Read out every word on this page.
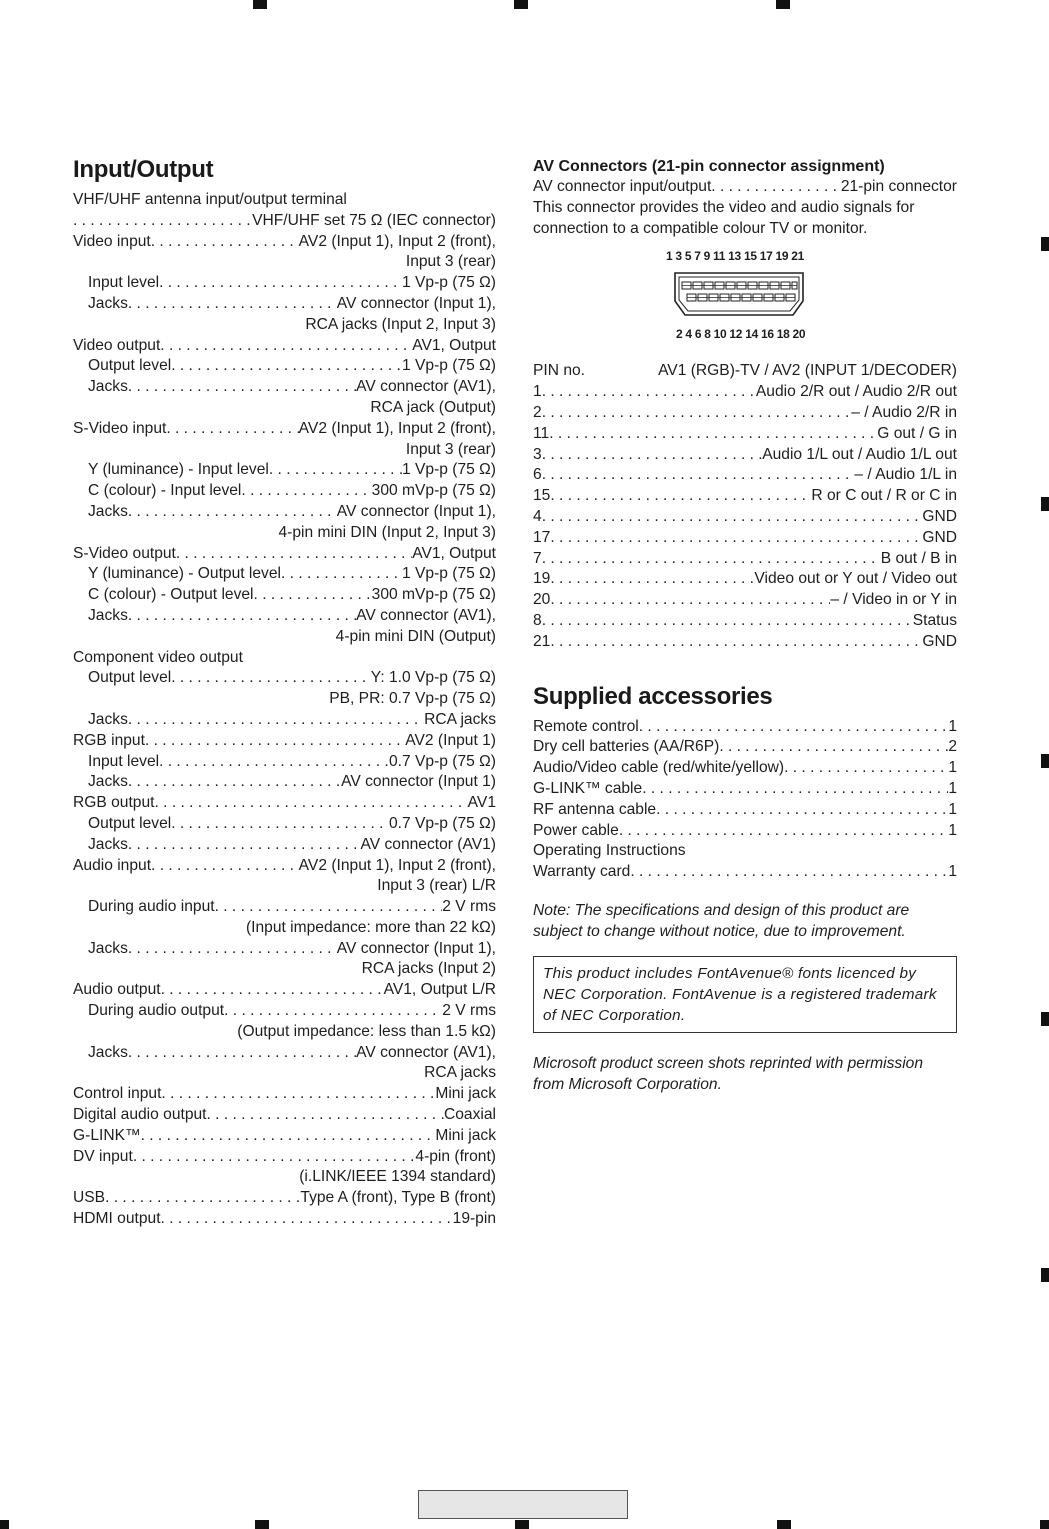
Input/Output
VHF/UHF antenna input/output terminal
. . .
VHF/UHF set 75 Ω (IEC connector)
Video input . . .	AV2 (Input 1), Input 2 (front),
Input 3 (rear)
Input level . . .	1 Vp-p (75 Ω)
Jacks . . .	AV connector (Input 1),
RCA jacks (Input 2, Input 3)
Video output . . .	AV1, Output
Output level . . .	1 Vp-p (75 Ω)
Jacks . . .	AV connector (AV1),
RCA jack (Output)
S-Video input . . .	AV2 (Input 1), Input 2 (front),
Input 3 (rear)
Y (luminance) - Input level . . .	1 Vp-p (75 Ω)
C (colour) - Input level . . .	300 mVp-p (75 Ω)
Jacks . . .	AV connector (Input 1),
4-pin mini DIN (Input 2, Input 3)
S-Video output . . .	AV1, Output
Y (luminance) - Output level . . .	1 Vp-p (75 Ω)
C (colour) - Output level . . .	300 mVp-p (75 Ω)
Jacks . . .	AV connector (AV1),
4-pin mini DIN (Output)
Component video output
Output level . . .	Y: 1.0 Vp-p (75 Ω)
PB, PR: 0.7 Vp-p (75 Ω)
Jacks . . .	RCA jacks
RGB input . . .	AV2 (Input 1)
Input level . . .	0.7 Vp-p (75 Ω)
Jacks . . .	AV connector (Input 1)
RGB output . . .	AV1
Output level . . .	0.7 Vp-p (75 Ω)
Jacks . . .	AV connector (AV1)
Audio input . . .	AV2 (Input 1), Input 2 (front),
Input 3 (rear) L/R
During audio input . . .	2 V rms
(Input impedance: more than 22 kΩ)
Jacks . . .	AV connector (Input 1),
RCA jacks (Input 2)
Audio output . . .	AV1, Output L/R
During audio output . . .	2 V rms
(Output impedance: less than 1.5 kΩ)
Jacks . . .	AV connector (AV1),
RCA jacks
Control input . . .	Mini jack
Digital audio output . . .	Coaxial
G-LINK™ . . .	Mini jack
DV input . . .	4-pin (front)
(i.LINK/IEEE 1394 standard)
USB . . .	Type A (front), Type B (front)
HDMI output . . .	19-pin
AV Connectors (21-pin connector assignment)
AV connector input/output . . .	21-pin connector

This connector provides the video and audio signals for connection to a compatible colour TV or monitor.

1 3 5 7 9 11 13 15 17 19 21
2 4 6 8 10 12 14 16 18 20
PIN no.	AV1 (RGB)-TV / AV2 (INPUT 1/DECODER)
1 . . .	Audio 2/R out / Audio 2/R out
2 . . .	– / Audio 2/R in
11 . . .	G out / G in
3 . . .	Audio 1/L out / Audio 1/L out
6 . . .	– / Audio 1/L in
15 . . .	R or C out / R or C in
4 . . .	GND
17 . . .	GND
7 . . .	B out / B in
19 . . .	Video out or Y out / Video out
20 . . .	– / Video in or Y in
8 . . .	Status
21 . . .	GND
Supplied accessories
Remote control . . .	1
Dry cell batteries (AA/R6P) . . .	2
Audio/Video cable (red/white/yellow) . . .	1
G-LINK™ cable . . .	1
RF antenna cable . . .	1
Power cable . . .	1
Operating Instructions
Warranty card . . .	1

Note: The specifications and design of this product are subject to change without notice, due to improvement.

This product includes FontAvenue® fonts licenced by NEC Corporation. FontAvenue is a registered trademark of NEC Corporation.

Microsoft product screen shots reprinted with permission from Microsoft Corporation.
